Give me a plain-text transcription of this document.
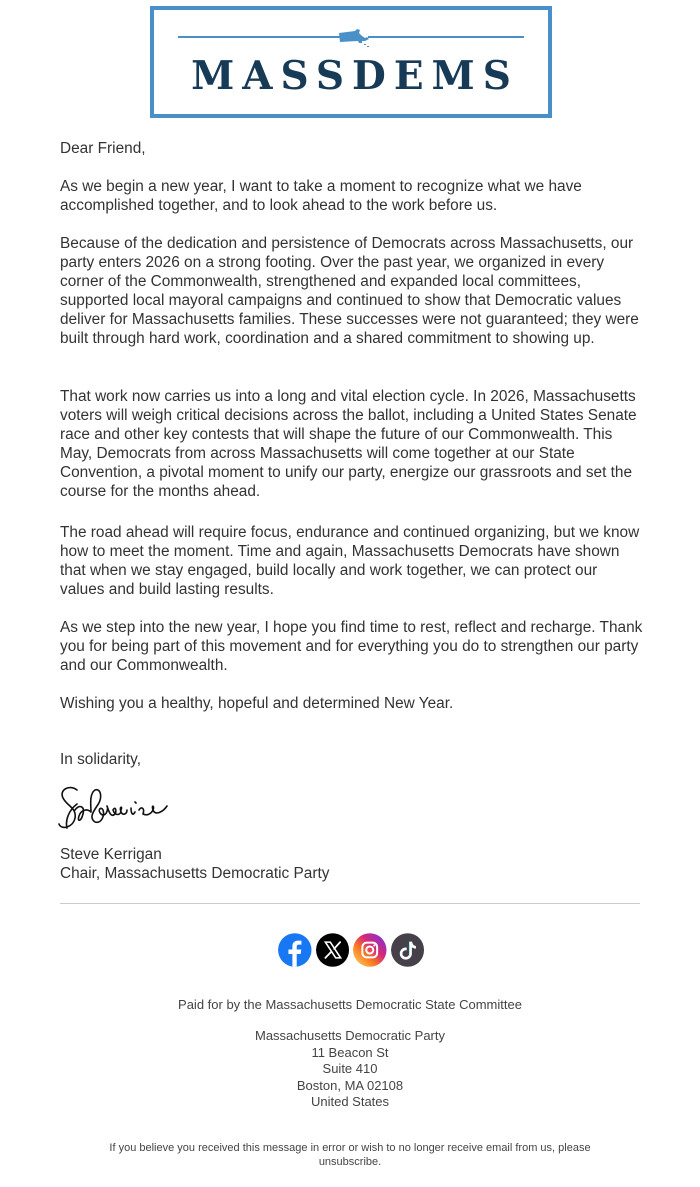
MASSDEMS

Dear Friend,

As we begin a new year, I want to take a moment to recognize what we have accomplished together, and to look ahead to the work before us.

Because of the dedication and persistence of Democrats across Massachusetts, our party enters 2026 on a strong footing. Over the past year, we organized in every corner of the Commonwealth, strengthened and expanded local committees, supported local mayoral campaigns and continued to show that Democratic values deliver for Massachusetts families. These successes were not guaranteed; they were built through hard work, coordination and a shared commitment to showing up.

That work now carries us into a long and vital election cycle. In 2026, Massachusetts voters will weigh critical decisions across the ballot, including a United States Senate race and other key contests that will shape the future of our Commonwealth. This May, Democrats from across Massachusetts will come together at our State Convention, a pivotal moment to unify our party, energize our grassroots and set the course for the months ahead.

The road ahead will require focus, endurance and continued organizing, but we know how to meet the moment. Time and again, Massachusetts Democrats have shown that when we stay engaged, build locally and work together, we can protect our values and build lasting results.

As we step into the new year, I hope you find time to rest, reflect and recharge. Thank you for being part of this movement and for everything you do to strengthen our party and our Commonwealth.

Wishing you a healthy, hopeful and determined New Year.

In solidarity,

Steve Kerrigan
Chair, Massachusetts Democratic Party

Paid for by the Massachusetts Democratic State Committee

Massachusetts Democratic Party

11 Beacon St

Suite 410

Boston, MA 02108

United States

If you believe you received this message in error or wish to no longer receive email from us, please unsubscribe.
